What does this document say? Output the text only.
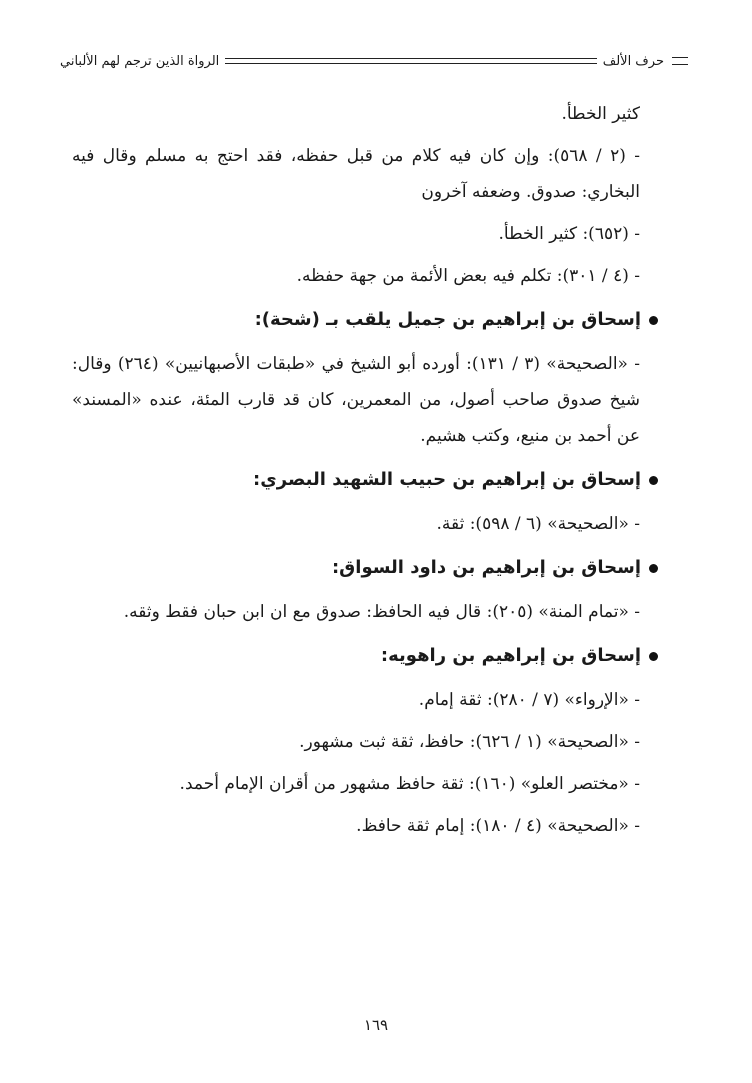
حرف الألف
الرواة الذين ترجم لهم الألباني

كثير الخطأ.

- (٢ / ٥٦٨): وإن كان فيه كلام من قبل حفظه، فقد احتج به مسلم وقال فيه البخاري: صدوق. وضعفه آخرون

- (٦٥٢): كثير الخطأ.

- (٤ / ٣٠١): تكلم فيه بعض الأئمة من جهة حفظه.

إسحاق بن إبراهيم بن جميل يلقب بـ (شحة):

- «الصحيحة» (٣ / ١٣١): أورده أبو الشيخ في «طبقات الأصبهانيين» (٢٦٤) وقال: شيخ صدوق صاحب أصول، من المعمرين، كان قد قارب المئة، عنده «المسند» عن أحمد بن منيع، وكتب هشيم.

إسحاق بن إبراهيم بن حبيب الشهيد البصري:

- «الصحيحة» (٦ / ٥٩٨): ثقة.

إسحاق بن إبراهيم بن داود السواق:

- «تمام المنة» (٢٠٥): قال فيه الحافظ: صدوق مع ان ابن حبان فقط وثقه.

إسحاق بن إبراهيم بن راهويه:

- «الإرواء» (٧ / ٢٨٠): ثقة إمام.

- «الصحيحة» (١ / ٦٢٦): حافظ، ثقة ثبت مشهور.

- «مختصر العلو» (١٦٠): ثقة حافظ مشهور من أقران الإمام أحمد.

- «الصحيحة» (٤ / ١٨٠): إمام ثقة حافظ.

١٦٩
